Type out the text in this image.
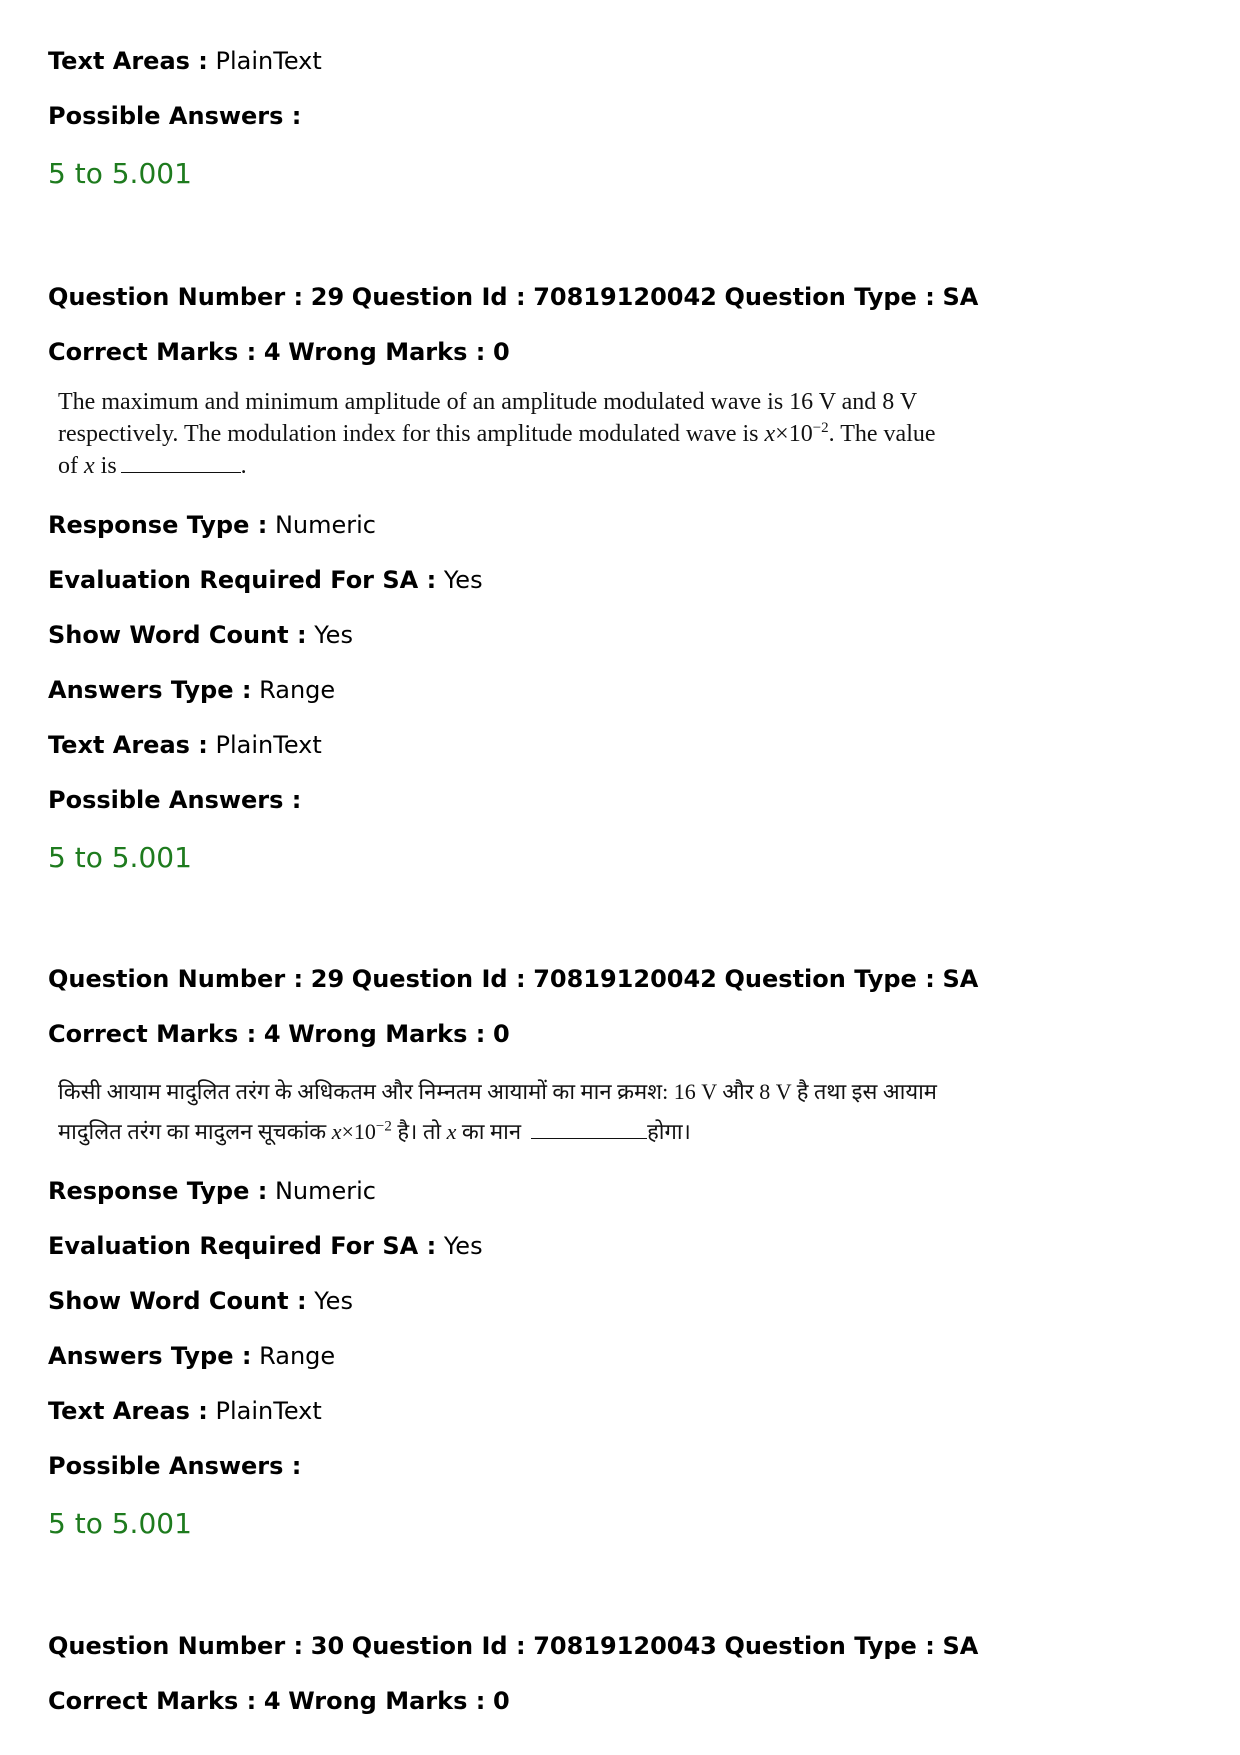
Text Areas : PlainText
Possible Answers :
5 to 5.001
Question Number : 29 Question Id : 70819120042 Question Type : SA
Correct Marks : 4 Wrong Marks : 0
The maximum and minimum amplitude of an amplitude modulated wave is 16 V and 8 V
respectively. The modulation index for this amplitude modulated wave is $x\times 10^{-2}$. The value
of x is	.
Response Type : Numeric
Evaluation Required For SA : Yes
Show Word Count : Yes
Answers Type : Range
Text Areas : PlainText
Possible Answers :
5 to 5.001
Question Number : 29 Question Id : 70819120042 Question Type : SA
Correct Marks : 4 Wrong Marks : 0
किसी आयाम मादुलित तरंग के अधिकतम और निम्नतम आयामों का मान क्रमश: 16 V और 8 V है तथा इस आयाम
मादुलित तरंग का मादुलन सूचकांक $x\times 10^{-2}$ है। तो x का मान	होगा।
Response Type : Numeric
Evaluation Required For SA : Yes
Show Word Count : Yes
Answers Type : Range
Text Areas : PlainText
Possible Answers :
5 to 5.001
Question Number : 30 Question Id : 70819120043 Question Type : SA
Correct Marks : 4 Wrong Marks : 0
